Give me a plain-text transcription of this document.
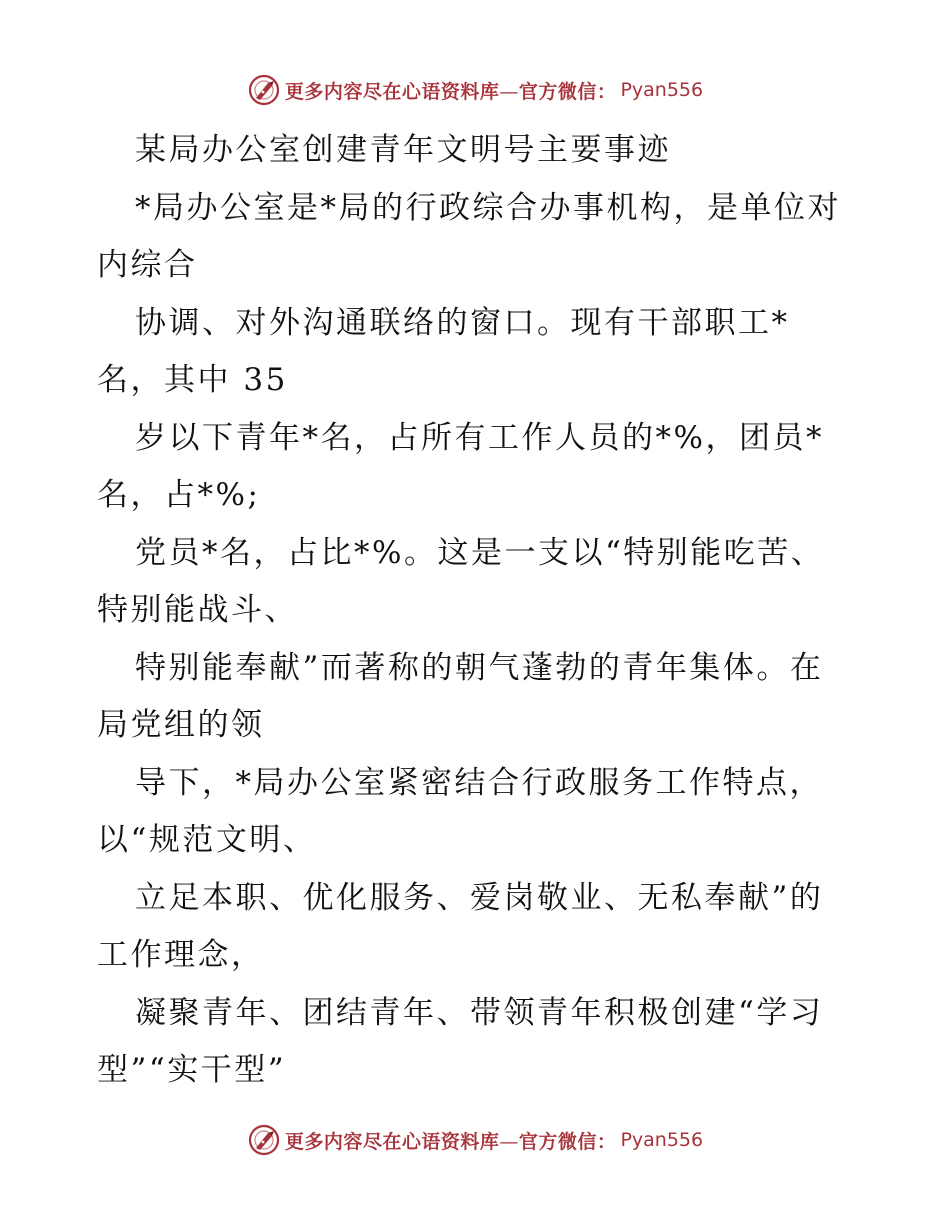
更多内容尽在心语资料库—官方微信： Pyan556

某局办公室创建青年文明号主要事迹

*局办公室是*局的行政综合办事机构，是单位对

内综合

协调、对外沟通联络的窗口。现有干部职工*

名，其中 35

岁以下青年*名，占所有工作人员的*%，团员*

名，占*%;

党员*名，占比*%。这是一支以“特别能吃苦、

特别能战斗、

特别能奉献”而著称的朝气蓬勃的青年集体。在

局党组的领

导下，*局办公室紧密结合行政服务工作特点，

以“规范文明、

立足本职、优化服务、爱岗敬业、无私奉献”的

工作理念，

凝聚青年、团结青年、带领青年积极创建“学习

型”“实干型”

更多内容尽在心语资料库—官方微信： Pyan556
